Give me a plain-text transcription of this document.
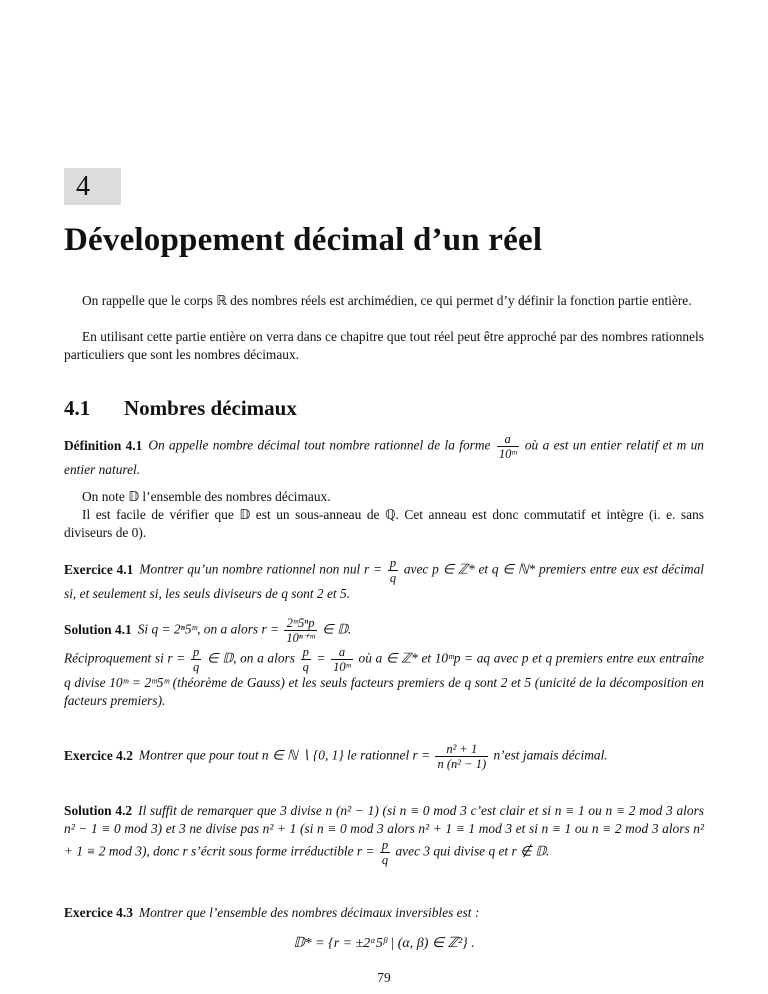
4
Développement décimal d’un réel
On rappelle que le corps ℝ des nombres réels est archimédien, ce qui permet d’y définir la fonction partie entière.
En utilisant cette partie entière on verra dans ce chapitre que tout réel peut être approché par des nombres rationnels particuliers que sont les nombres décimaux.
4.1 Nombres décimaux
Définition 4.1 On appelle nombre décimal tout nombre rationnel de la forme $\frac{a}{\text{10ᵐ}}$ où a est un entier relatif et m un entier naturel.
On note 𝔻 l’ensemble des nombres décimaux.
Il est facile de vérifier que 𝔻 est un sous-anneau de ℚ. Cet anneau est donc commutatif et intègre (i. e. sans diviseurs de 0).
Exercice 4.1 Montrer qu’un nombre rationnel non nul $r = \frac{p}{q}$ avec p ∈ ℤ* et q ∈ ℕ* premiers entre eux est décimal si, et seulement si, les seuls diviseurs de q sont 2 et 5.
Solution 4.1 Si q = 2ⁿ5ᵐ, on a alors $r = \frac{\text{2ᵐ5ⁿp}}{\text{10ⁿ⁺ᵐ}}$ ∈ 𝔻.
Réciproquement si $r = \frac{p}{q}$ ∈ 𝔻, on a alors $\frac{p}{q} = \frac{a}{\text{10ᵐ}}$ où a ∈ ℤ* et 10ᵐp = aq avec p et q premiers entre eux entraîne q divise 10ᵐ = 2ᵐ5ᵐ (théorème de Gauss) et les seuls facteurs premiers de q sont 2 et 5 (unicité de la décomposition en facteurs premiers).
Exercice 4.2 Montrer que pour tout n ∈ ℕ ∖ {0, 1} le rationnel $r = \frac{\text{n² + 1}}{\text{n (n² − 1)}}$ n’est jamais décimal.
Solution 4.2 Il suffit de remarquer que 3 divise n (n² − 1) (si n ≡ 0 mod 3 c’est clair et si n ≡ 1 ou n ≡ 2 mod 3 alors n² − 1 ≡ 0 mod 3) et 3 ne divise pas n² + 1 (si n ≡ 0 mod 3 alors n² + 1 ≡ 1 mod 3 et si n ≡ 1 ou n ≡ 2 mod 3 alors n² + 1 ≡ 2 mod 3), donc r s’écrit sous forme irréductible $r = \frac{p}{q}$ avec 3 qui divise q et r ∉ 𝔻.
Exercice 4.3 Montrer que l’ensemble des nombres décimaux inversibles est :
𝔻* = {r = ±2ᵅ5ᵝ | (α, β) ∈ ℤ²} .
79
